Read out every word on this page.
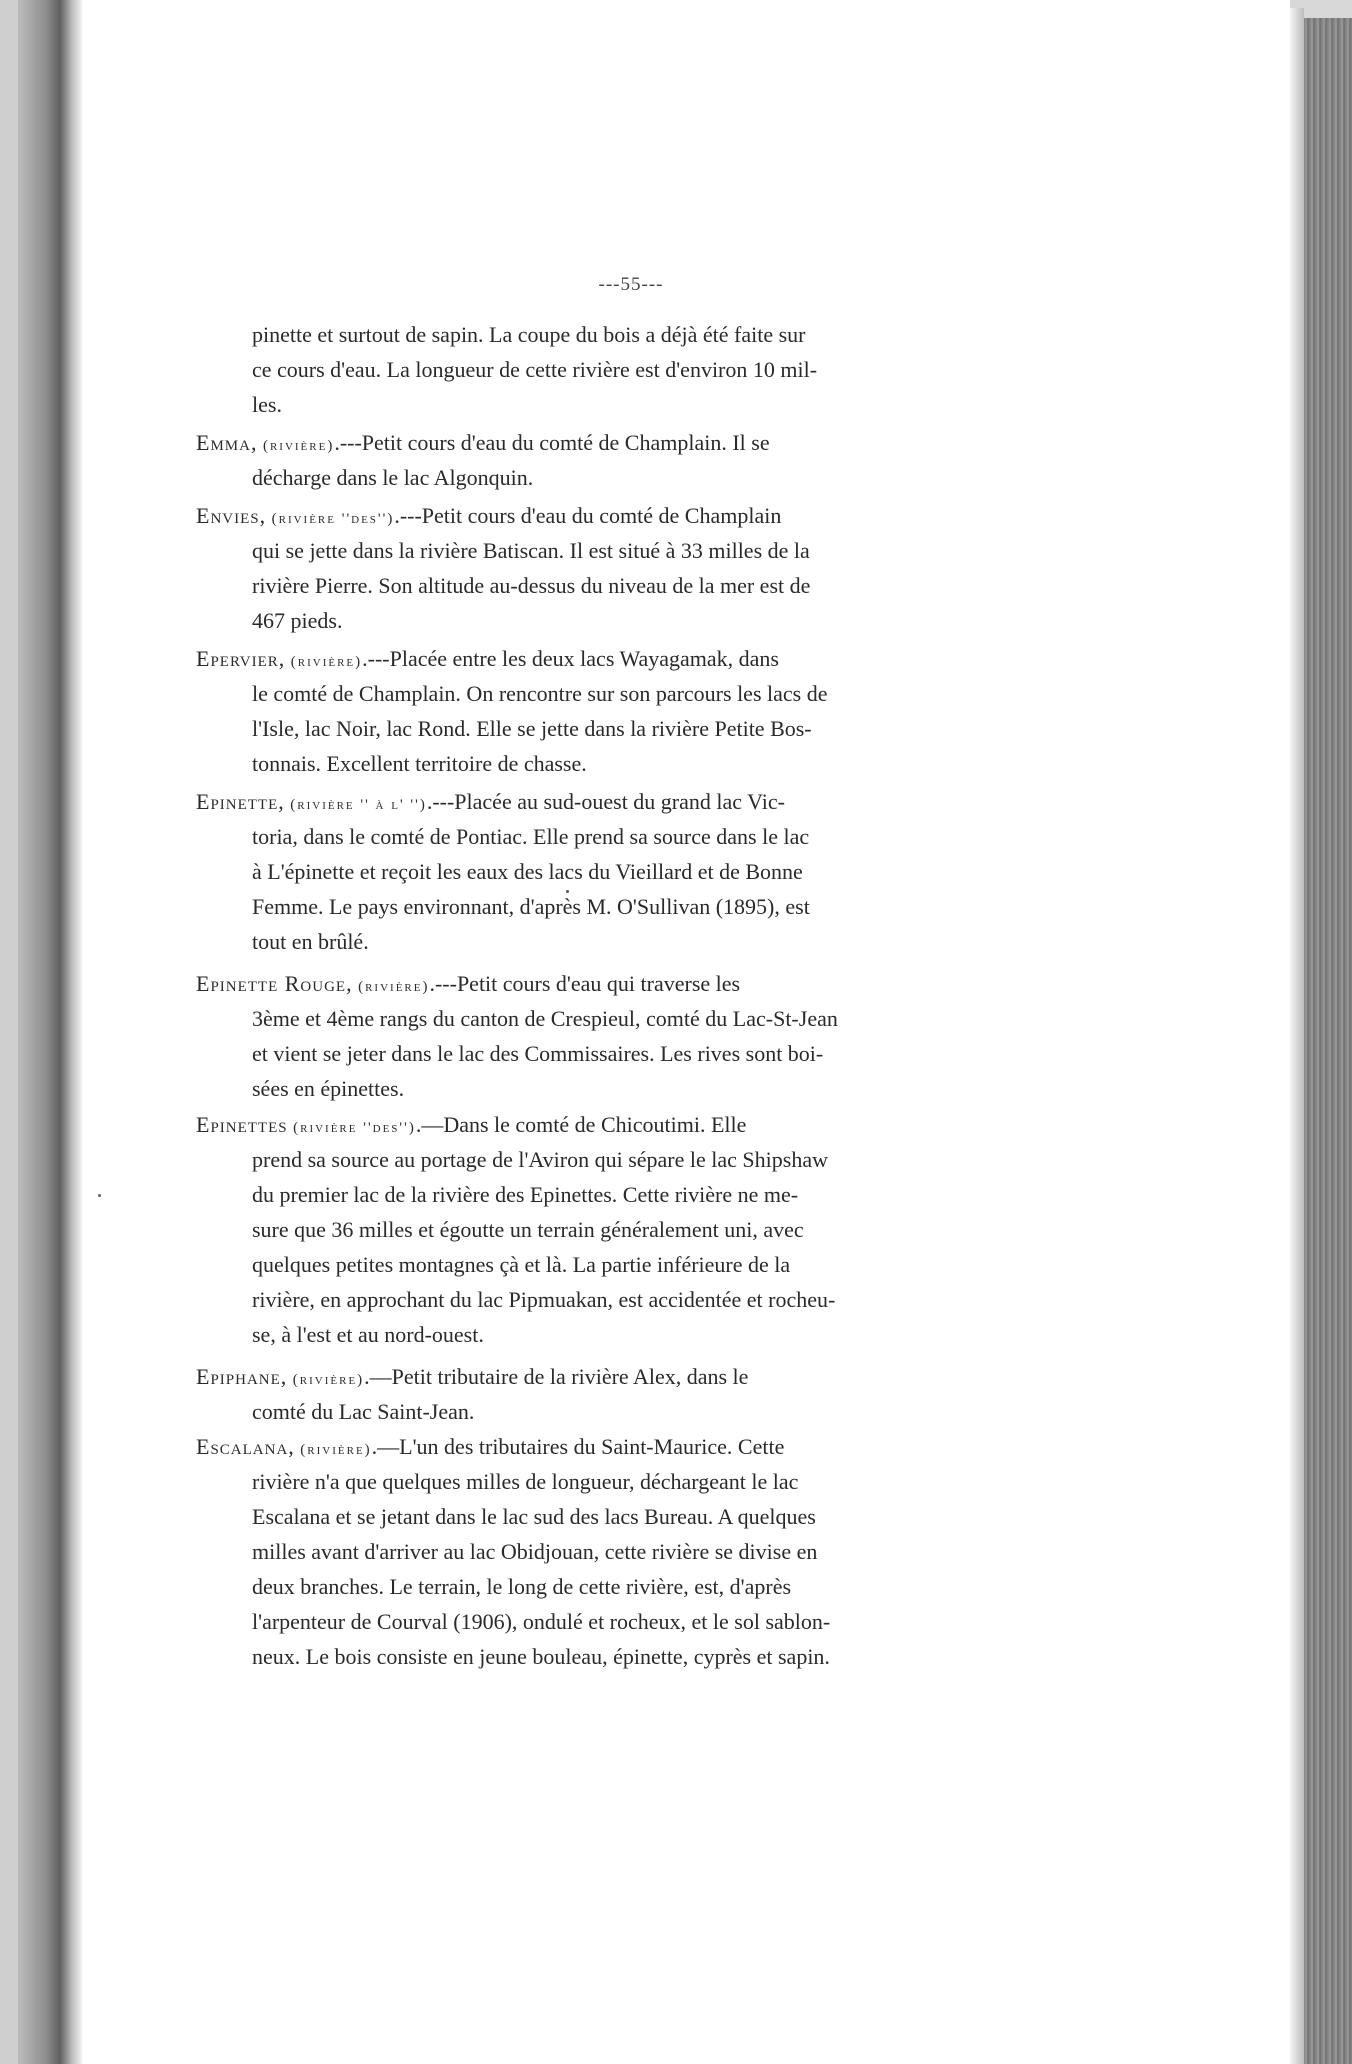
---55---
pinette et surtout de sapin. La coupe du bois a déjà été faite sur
ce cours d'eau. La longueur de cette rivière est d'environ 10 mil-
les.
Emma, (rivière).---Petit cours d'eau du comté de Champlain. Il se
décharge dans le lac Algonquin.
Envies, (rivière ''des'').---Petit cours d'eau du comté de Champlain
qui se jette dans la rivière Batiscan. Il est situé à 33 milles de la
rivière Pierre. Son altitude au-dessus du niveau de la mer est de
467 pieds.
Epervier, (rivière).---Placée entre les deux lacs Wayagamak, dans
le comté de Champlain. On rencontre sur son parcours les lacs de
l'Isle, lac Noir, lac Rond. Elle se jette dans la rivière Petite Bos-
tonnais. Excellent territoire de chasse.
Epinette, (rivière '' à l' '').---Placée au sud-ouest du grand lac Vic-
toria, dans le comté de Pontiac. Elle prend sa source dans le lac
à L'épinette et reçoit les eaux des lacs du Vieillard et de Bonne
Femme. Le pays environnant, d'après M. O'Sullivan (1895), est
tout en brûlé.
Epinette Rouge, (rivière).---Petit cours d'eau qui traverse les
3ème et 4ème rangs du canton de Crespieul, comté du Lac-St-Jean
et vient se jeter dans le lac des Commissaires. Les rives sont boi-
sées en épinettes.
Epinettes (rivière ''des'').—Dans le comté de Chicoutimi. Elle
prend sa source au portage de l'Aviron qui sépare le lac Shipshaw
du premier lac de la rivière des Epinettes. Cette rivière ne me-
sure que 36 milles et égoutte un terrain généralement uni, avec
quelques petites montagnes çà et là. La partie inférieure de la
rivière, en approchant du lac Pipmuakan, est accidentée et rocheu-
se, à l'est et au nord-ouest.
Epiphane, (rivière).—Petit tributaire de la rivière Alex, dans le
comté du Lac Saint-Jean.
Escalana, (rivière).—L'un des tributaires du Saint-Maurice. Cette
rivière n'a que quelques milles de longueur, déchargeant le lac
Escalana et se jetant dans le lac sud des lacs Bureau. A quelques
milles avant d'arriver au lac Obidjouan, cette rivière se divise en
deux branches. Le terrain, le long de cette rivière, est, d'après
l'arpenteur de Courval (1906), ondulé et rocheux, et le sol sablon-
neux. Le bois consiste en jeune bouleau, épinette, cyprès et sapin.
